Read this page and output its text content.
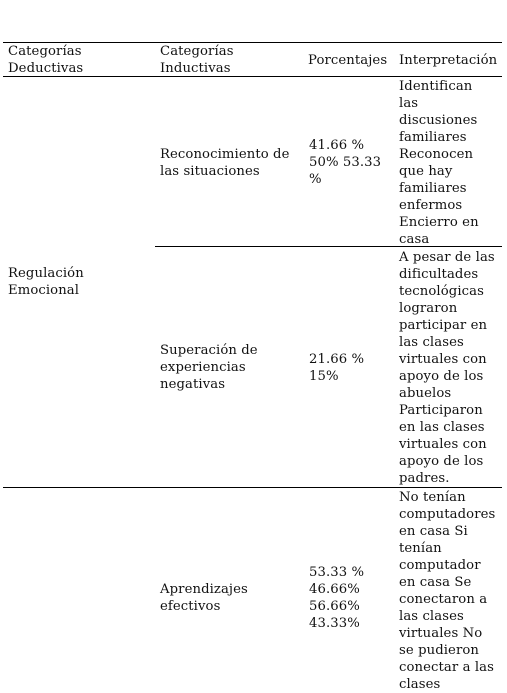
Categorías
Deductivas
Categorías
Inductivas
Porcentajes Interpretación
Regulación
Emocional
Reconocimiento de
las situaciones
41.66 %
50% 53.33
%
Identifican
las
discusiones
familiares
Reconocen
que hay
familiares
enfermos
Encierro en
casa
Superación de
experiencias
negativas
21.66 %
15%
A pesar de las
dificultades
tecnológicas
lograron
participar en
las clases
virtuales con
apoyo de los
abuelos
Participaron
en las clases
virtuales con
apoyo de los
padres.
Aprendizajes
efectivos
53.33 %
46.66%
56.66%
43.33%
No tenían
computadores
en casa Si
tenían
computador
en casa Se
conectaron a
las clases
virtuales No
se pudieron
conectar a las
clases
